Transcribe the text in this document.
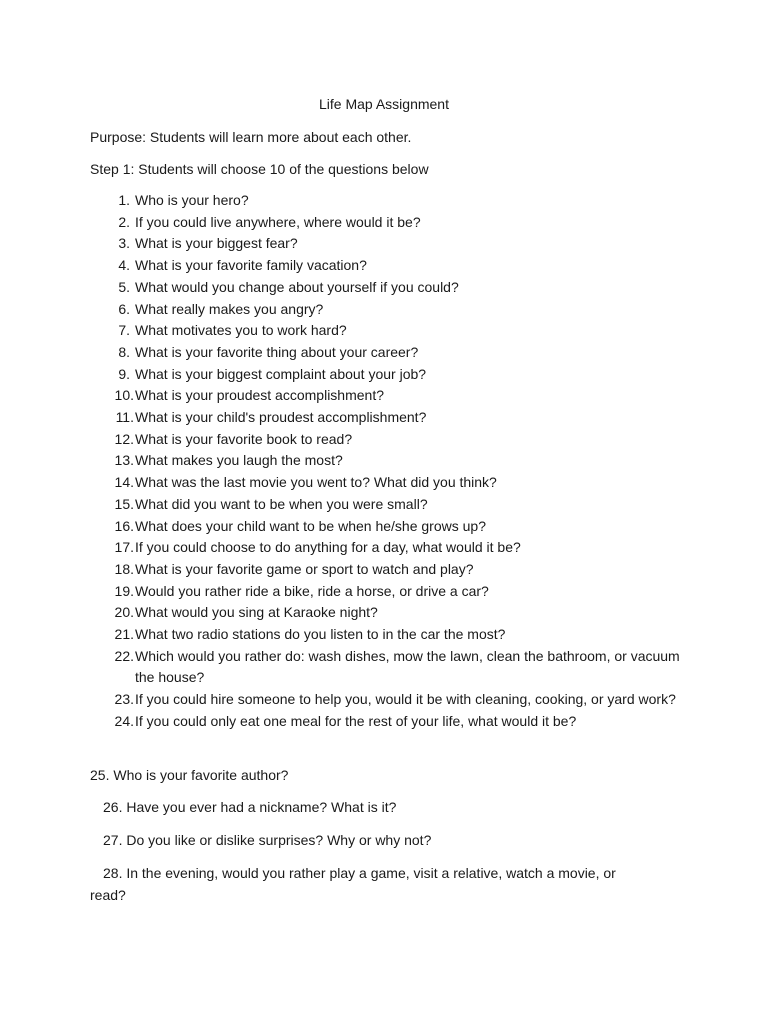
Life Map Assignment
Purpose: Students will learn more about each other.
Step 1: Students will choose 10 of the questions below
1. Who is your hero?
2. If you could live anywhere, where would it be?
3. What is your biggest fear?
4. What is your favorite family vacation?
5. What would you change about yourself if you could?
6. What really makes you angry?
7. What motivates you to work hard?
8. What is your favorite thing about your career?
9. What is your biggest complaint about your job?
10. What is your proudest accomplishment?
11. What is your child's proudest accomplishment?
12. What is your favorite book to read?
13. What makes you laugh the most?
14. What was the last movie you went to? What did you think?
15. What did you want to be when you were small?
16. What does your child want to be when he/she grows up?
17. If you could choose to do anything for a day, what would it be?
18. What is your favorite game or sport to watch and play?
19. Would you rather ride a bike, ride a horse, or drive a car?
20. What would you sing at Karaoke night?
21. What two radio stations do you listen to in the car the most?
22. Which would you rather do: wash dishes, mow the lawn, clean the bathroom, or vacuum the house?
23. If you could hire someone to help you, would it be with cleaning, cooking, or yard work?
24. If you could only eat one meal for the rest of your life, what would it be?
25. Who is your favorite author?
26. Have you ever had a nickname? What is it?
27. Do you like or dislike surprises? Why or why not?
28. In the evening, would you rather play a game, visit a relative, watch a movie, or
read?
